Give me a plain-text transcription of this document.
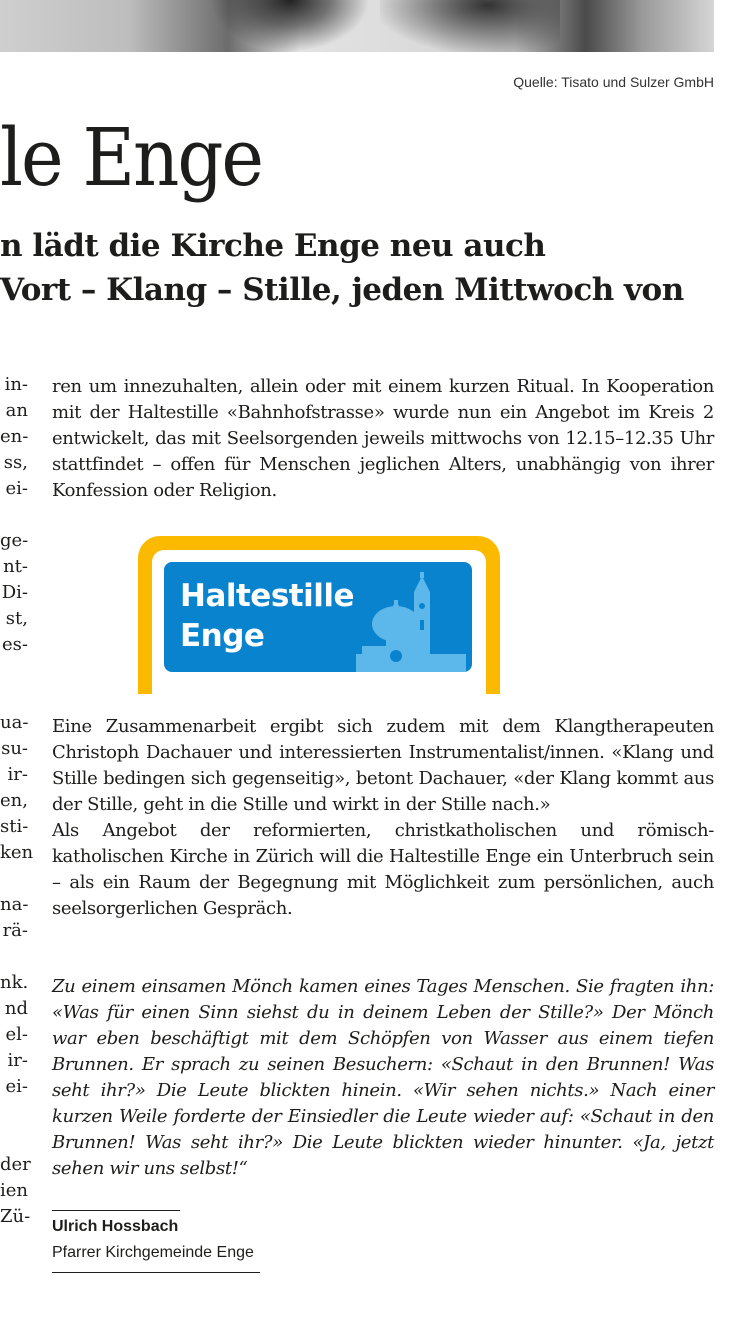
Quelle: Tisato und Sulzer GmbH
le Enge
n lädt die Kirche Enge neu auch
Vort – Klang – Stille, jeden Mittwoch von
in-
an
en-
ss,
ei-
ge-
nt-
Di-
st,
es-
ua-
su-
ir-
en,
sti-
ken
na-
rä-
nk.
nd
el-
ir-
ei-
der
ien
Zü-
ren um innezuhalten, allein oder mit einem kurzen Ritual. In Kooperation mit der Haltestille «Bahnhofstrasse» wurde nun ein Angebot im Kreis 2 entwickelt, das mit Seelsorgenden jeweils mittwochs von 12.15–12.35 Uhr stattfindet – offen für Menschen jeglichen Alters, unabhängig von ihrer Konfession oder Religion.
Haltestille
Enge
Eine Zusammenarbeit ergibt sich zudem mit dem Klangtherapeuten Christoph Dachauer und interessierten Instrumentalist/innen. «Klang und Stille bedingen sich gegenseitig», betont Dachauer, «der Klang kommt aus der Stille, geht in die Stille und wirkt in der Stille nach.»
Als Angebot der reformierten, christkatholischen und römisch-katholischen Kirche in Zürich will die Haltestille Enge ein Unterbruch sein – als ein Raum der Begegnung mit Möglichkeit zum persönlichen, auch seelsorgerlichen Gespräch.
Zu einem einsamen Mönch kamen eines Tages Menschen. Sie fragten ihn: «Was für einen Sinn siehst du in deinem Leben der Stille?» Der Mönch war eben beschäftigt mit dem Schöpfen von Wasser aus einem tiefen Brunnen. Er sprach zu seinen Besuchern: «Schaut in den Brunnen! Was seht ihr?» Die Leute blickten hinein. «Wir sehen nichts.» Nach einer kurzen Weile forderte der Einsiedler die Leute wieder auf: «Schaut in den Brunnen! Was seht ihr?» Die Leute blickten wieder hinunter. «Ja, jetzt sehen wir uns selbst!“
Ulrich Hossbach
Pfarrer Kirchgemeinde Enge
